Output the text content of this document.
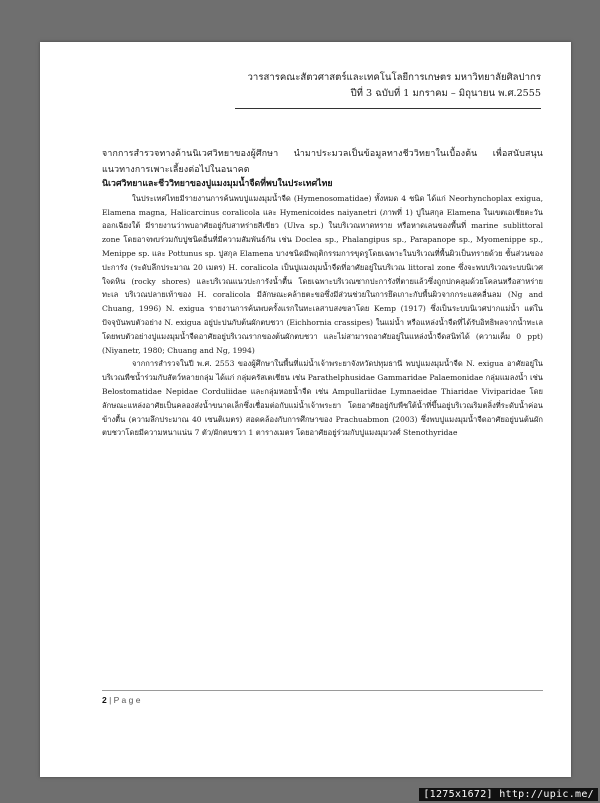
วารสารคณะสัตวศาสตร์และเทคโนโลยีการเกษตร มหาวิทยาลัยศิลปากร
ปีที่ 3 ฉบับที่ 1 มกราคม – มิถุนายน พ.ศ.2555

จากการสำรวจทางด้านนิเวศวิทยาของผู้ศึกษา นำมาประมวลเป็นข้อมูลทางชีววิทยาในเบื้องต้น เพื่อสนับสนุนแนวทางการเพาะเลี้ยงต่อไปในอนาคต

นิเวศวิทยาและชีววิทยาของปูแมงมุมน้ำจืดที่พบในประเทศไทย

ในประเทศไทยมีรายงานการค้นพบปูแมงมุมน้ำจืด (Hymenosomatidae) ทั้งหมด 4 ชนิด ได้แก่ Neorhynchoplax exigua, Elamena magna, Halicarcinus coralicola และ Hymenicoides naiyanetri (ภาพที่ 1) ปูในสกุล Elamena ในเขตเอเชียตะวันออกเฉียงใต้ มีรายงานว่าพบอาศัยอยู่กับสาหร่ายสีเขียว (Ulva sp.) ในบริเวณหาดทราย หรือหาดเลนของพื้นที่ marine sublittoral zone โดยอาจพบร่วมกับปูชนิดอื่นที่มีความสัมพันธ์กัน เช่น Doclea sp., Phalangipus sp., Parapanope sp., Myomenippe sp., Menippe sp. และ Pottunus sp. ปูสกุล Elamena บางชนิดมีพฤติกรรมการขุดรูโดยเฉพาะในบริเวณที่พื้นผิวเป็นทรายด้วย ชั้นส่วนของปะการัง (ระดับลึกประมาณ 20 เมตร) H. coralicola เป็นปูแมงมุมน้ำจืดที่อาศัยอยู่ในบริเวณ littoral zone ซึ่งจะพบบริเวณระบบนิเวศใจดหิน (rocky shores) และบริเวณแนวปะการังน้ำตื้น โดยเฉพาะบริเวณซากปะการังที่ตายแล้วซึ่งถูกปกคลุมด้วยโคลนหรือสาหร่ายทะเล บริเวณปลายเท้าของ H. coralicola มีลักษณะคล้ายตะขอซึ่งมีส่วนช่วยในการยึดเกาะกับพื้นผิวจากกระแสคลื่นลม (Ng and Chuang, 1996) N. exigua รายงานการค้นพบครั้งแรกในทะเลสาบสงขลาโดย Kemp (1917) ซึ่งเป็นระบบนิเวศปากแม่น้ำ แต่ในปัจจุบันพบตัวอย่าง N. exigua อยู่ปะปนกับต้นผักตบชวา (Eichhornia crassipes) ในแม่น้ำ หรือแหล่งน้ำจืดที่ได้รับอิทธิพลจากน้ำทะเล โดยพบตัวอย่างปูแมงมุมน้ำจืดอาศัยอยู่บริเวณรากของต้นผักตบชวา และไม่สามารถอาศัยอยู่ในแหล่งน้ำจืดสนิทได้ (ความเค็ม 0 ppt) (Niyanetr, 1980; Chuang and Ng, 1994)

จากการสำรวจในปี พ.ศ. 2553 ของผู้ศึกษาในพื้นที่แม่น้ำเจ้าพระยาจังหวัดปทุมธานี พบปูแมงมุมน้ำจืด N. exigua อาศัยอยู่ในบริเวณพืชน้ำร่วมกับสัตว์หลายกลุ่ม ได้แก่ กลุ่มครัสเตเชียน เช่น Parathelphusidae Gammaridae Palaemonidae กลุ่มแมลงน้ำ เช่น Belostomatidae Nepidae Corduliidae และกลุ่มหอยน้ำจืด เช่น Ampullariidae Lymnaeidae Thiaridae Viviparidae โดยลักษณะแหล่งอาศัยเป็นคลองส่งน้ำขนาดเล็กซึ่งเชื่อมต่อกับแม่น้ำเจ้าพระยา โดยอาศัยอยู่กับพืชใต้น้ำที่ขึ้นอยู่บริเวณริมตลิ่งที่ระดับน้ำค่อนข้างตื้น (ความลึกประมาณ 40 เซนติเมตร) สอดคล้องกับการศึกษาของ Prachuabmon (2003) ซึ่งพบปูแมงมุมน้ำจืดอาศัยอยู่บนต้นผักตบชวาโดยมีความหนาแน่น 7 ตัว/ผักตบชวา 1 ตารางเมตร โดยอาศัยอยู่ร่วมกับปูแมงมุมวงศ์ Stenothyridae

2 | P a g e
[1275x1672] http://upic.me/
